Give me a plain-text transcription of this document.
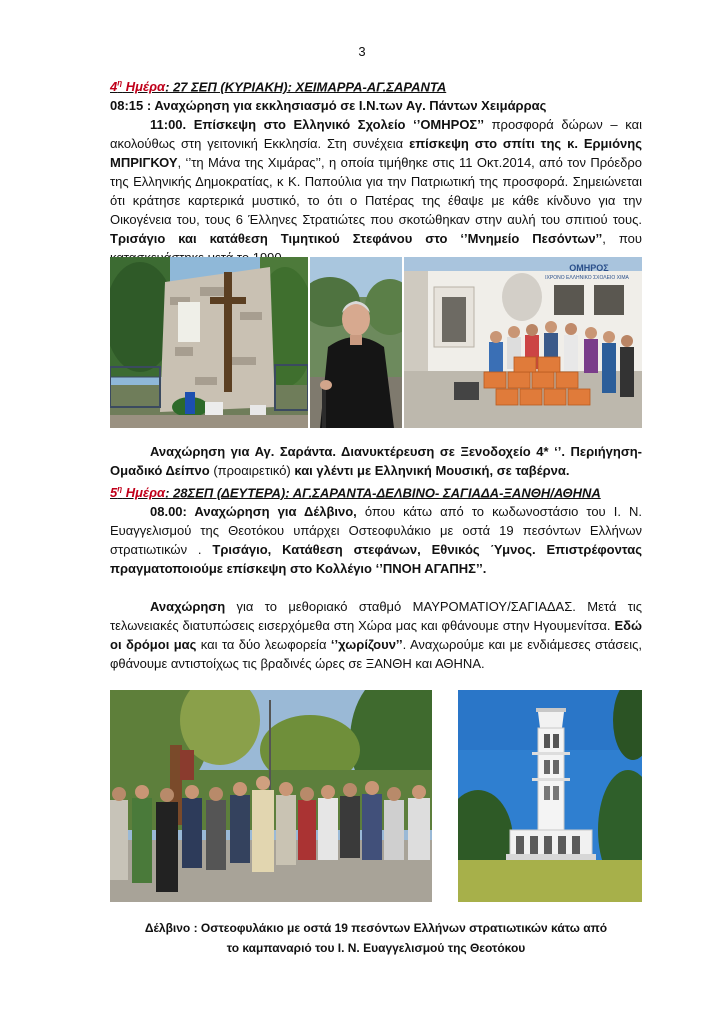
3
$4^\eta$ Ημέρα: 27 ΣΕΠ (ΚΥΡΙΑΚΗ): ΧΕΙΜΑΡΡΑ-ΑΓ.ΣΑΡΑΝΤΑ
08:15 : Αναχώρηση για εκκλησιασμό σε Ι.Ν.των Αγ. Πάντων Χειμάρρας

11:00. Επίσκεψη στο Ελληνικό Σχολείο ‘’ΟΜΗΡΟΣ’’ προσφορά δώρων – και ακολούθως στη γειτονική Εκκλησία. Στη συνέχεια επίσκεψη στο σπίτι της κ. Ερμιόνης ΜΠΡΙΓΚΟΥ, ‘’τη Μάνα της Χιμάρας’’, η οποία τιμήθηκε στις 11 Οκτ.2014, από τον Πρόεδρο της Ελληνικής Δημοκρατίας, κ Κ. Παπούλια για την Πατριωτική της προσφορά. Σημειώνεται ότι κράτησε καρτερικά μυστικό, το ότι ο Πατέρας της έθαψε με κάθε κίνδυνο για την Οικογένεια του, τους 6 Έλληνες Στρατιώτες που σκοτώθηκαν στην αυλή του σπιτιού τους. Τρισάγιο και κατάθεση Τιμητικού Στεφάνου στο ‘’Μνημείο Πεσόντων’’, που

ΟΜΗΡΟΣ
ΙΧΡΟΝΟ ΕΛΛΗΝΙΚΟ ΣΧΟΛΕΙΟ ΧΙΜΑ

Αναχώρηση για Αγ. Σαράντα. Διανυκτέρευση σε Ξενοδοχείο 4* ‘’. Περιήγηση- Ομαδικό Δείπνο (προαιρετικό) και γλέντι με Ελληνική Μουσική, σε ταβέρνα.

$5^\eta$ Ημέρα: 28ΣΕΠ (ΔΕΥΤΕΡΑ): ΑΓ.ΣΑΡΑΝΤΑ-ΔΕΛΒΙΝΟ- ΣΑΓΙΑΔΑ-ΞΑΝΘΗ/ΑΘΗΝΑ

08.00: Αναχώρηση για Δέλβινο, όπου κάτω από το κωδωνοστάσιο του Ι. Ν. Ευαγγελισμού της Θεοτόκου υπάρχει Οστεοφυλάκιο με οστά 19 πεσόντων Ελλήνων στρατιωτικών . Τρισάγιο, Κατάθεση στεφάνων, Εθνικός Ύμνος. Επιστρέφοντας πραγματοποιούμε επίσκεψη στο Κολλέγιο ‘’ΠΝΟΗ ΑΓΑΠΗΣ’’.

Αναχώρηση για το μεθοριακό σταθμό ΜΑΥΡΟΜΑΤΙΟΥ/ΣΑΓΙΑΔΑΣ. Μετά τις τελωνειακές διατυπώσεις εισερχόμεθα στη Χώρα μας και φθάνουμε στην Ηγουμενίτσα. Εδώ οι δρόμοι μας και τα δύο λεωφορεία ‘’χωρίζουν’’. Αναχωρούμε και με ενδιάμεσες στάσεις, φθάνουμε αντιστοίχως τις βραδινές ώρες σε ΞΑΝΘΗ και ΑΘΗΝΑ.

Δέλβινο : Οστεοφυλάκιο με οστά 19 πεσόντων Ελλήνων στρατιωτικών κάτω από
το καμπαναριό του Ι. Ν. Ευαγγελισμού της Θεοτόκου
